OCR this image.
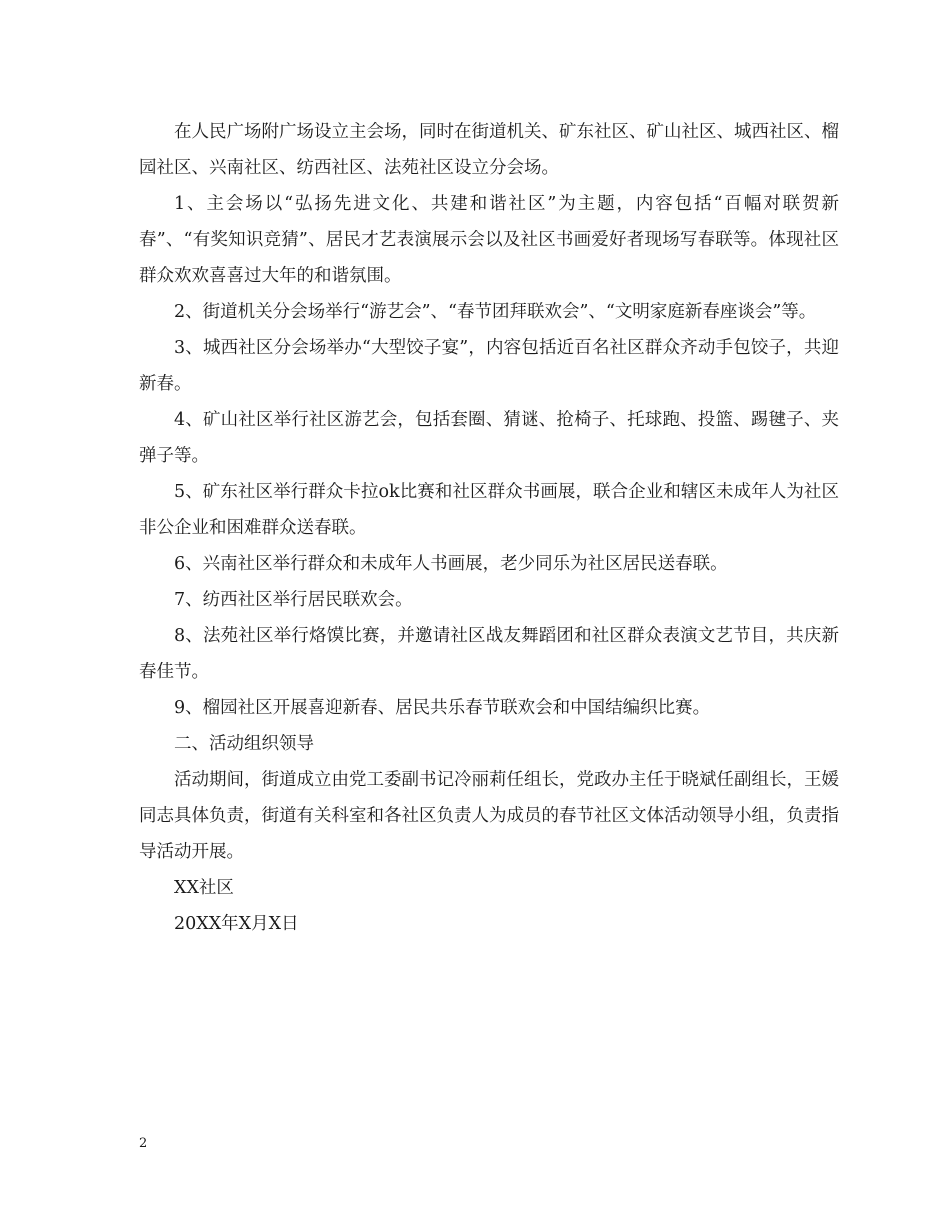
在人民广场附广场设立主会场，同时在街道机关、矿东社区、矿山社区、城西社区、榴园社区、兴南社区、纺西社区、法苑社区设立分会场。

1、主会场以“弘扬先进文化、共建和谐社区”为主题，内容包括“百幅对联贺新春”、“有奖知识竞猜”、居民才艺表演展示会以及社区书画爱好者现场写春联等。体现社区群众欢欢喜喜过大年的和谐氛围。

2、街道机关分会场举行“游艺会”、“春节团拜联欢会”、“文明家庭新春座谈会”等。

3、城西社区分会场举办“大型饺子宴”，内容包括近百名社区群众齐动手包饺子，共迎新春。

4、矿山社区举行社区游艺会，包括套圈、猜谜、抢椅子、托球跑、投篮、踢毽子、夹弹子等。

5、矿东社区举行群众卡拉ok比赛和社区群众书画展，联合企业和辖区未成年人为社区非公企业和困难群众送春联。

6、兴南社区举行群众和未成年人书画展，老少同乐为社区居民送春联。

7、纺西社区举行居民联欢会。

8、法苑社区举行烙馍比赛，并邀请社区战友舞蹈团和社区群众表演文艺节目，共庆新春佳节。

9、榴园社区开展喜迎新春、居民共乐春节联欢会和中国结编织比赛。

二、活动组织领导

活动期间，街道成立由党工委副书记冷丽莉任组长，党政办主任于晓斌任副组长，王媛同志具体负责，街道有关科室和各社区负责人为成员的春节社区文体活动领导小组，负责指导活动开展。

XX社区

20XX年X月X日

2
